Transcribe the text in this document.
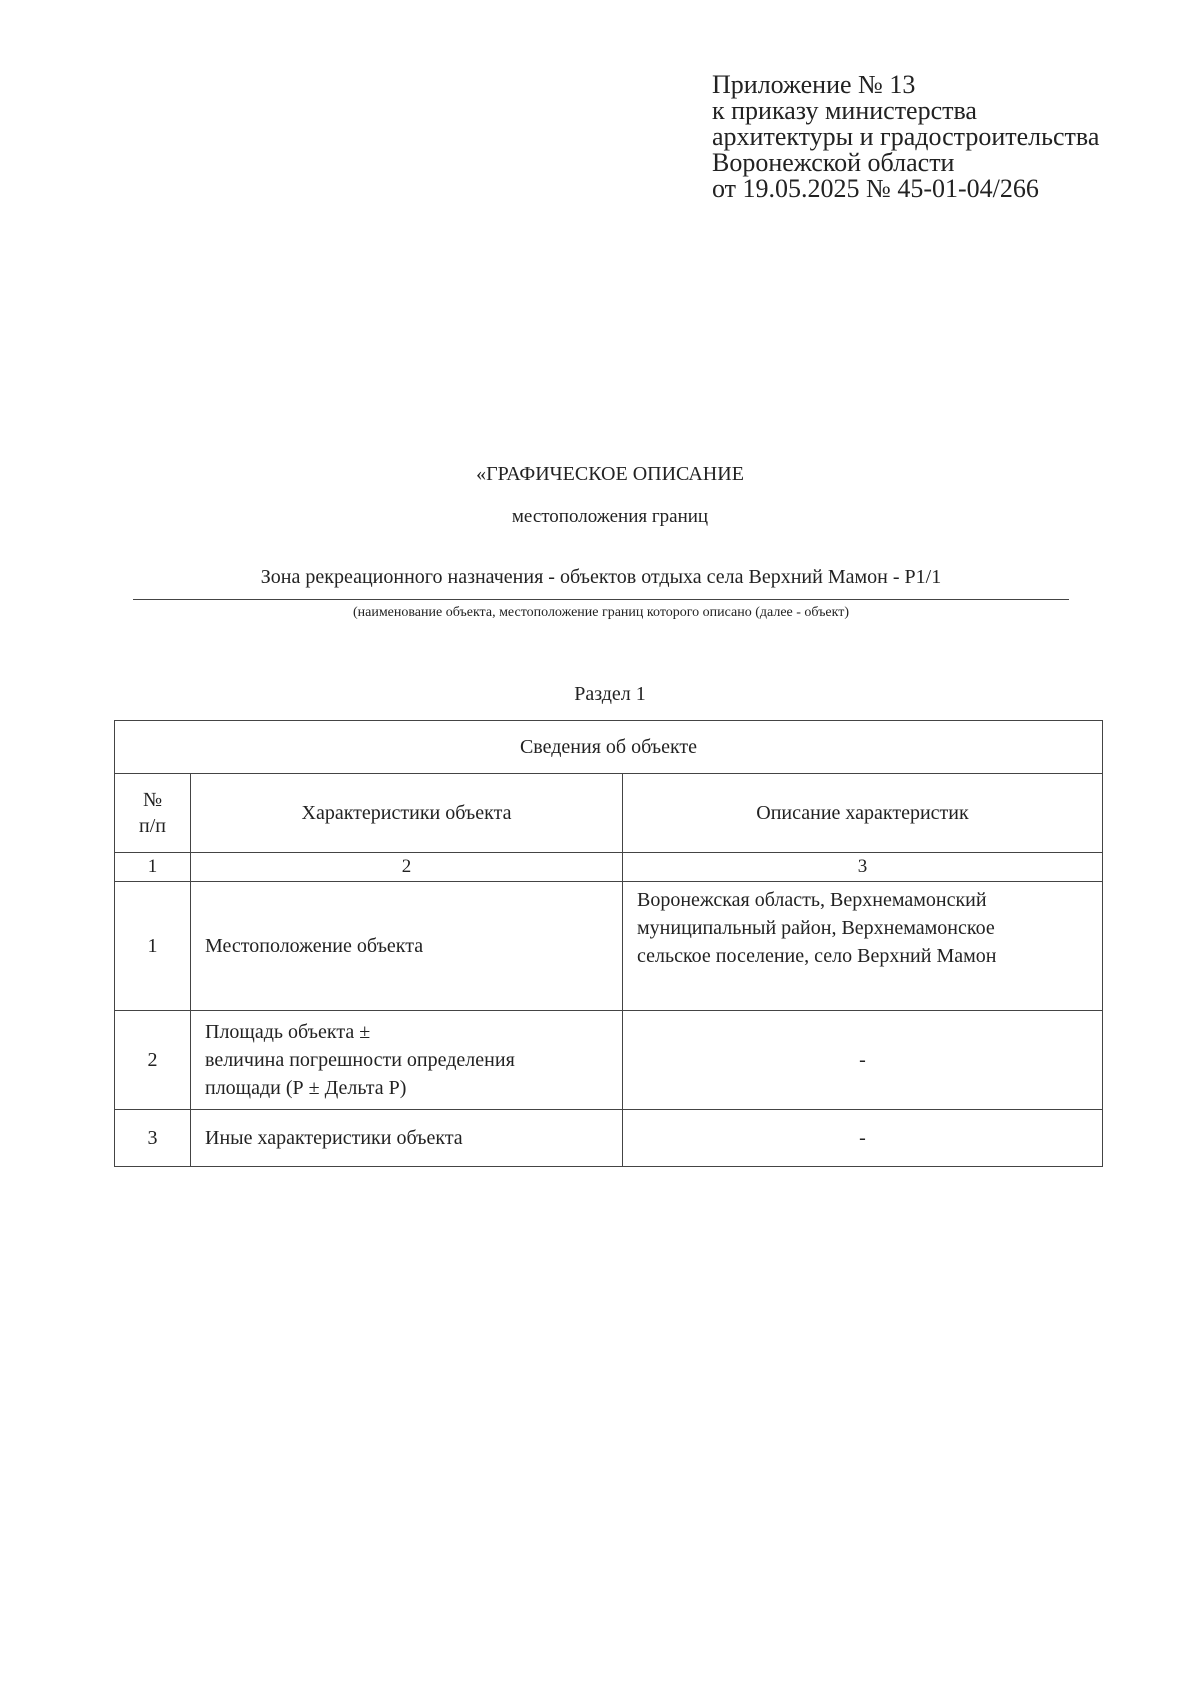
Приложение № 13
к приказу министерства
архитектуры и градостроительства
Воронежской области
от 19.05.2025 № 45-01-04/266
«ГРАФИЧЕСКОЕ ОПИСАНИЕ
местоположения границ
Зона рекреационного назначения - объектов отдыха села Верхний Мамон - Р1/1
(наименование объекта, местоположение границ которого описано (далее - объект)
Раздел 1
Сведения об объекте		

№
п/п	Характеристики объекта	Описание характеристик
1	2	3
1	Местоположение объекта	Воронежская область, Верхнемамонский
муниципальный район, Верхнемамонское
сельское поселение, село Верхний Мамон

2	Площадь объекта ±
величина погрешности определения
площади (Р ± Дельта Р)	-

3	Иные характеристики объекта	-
